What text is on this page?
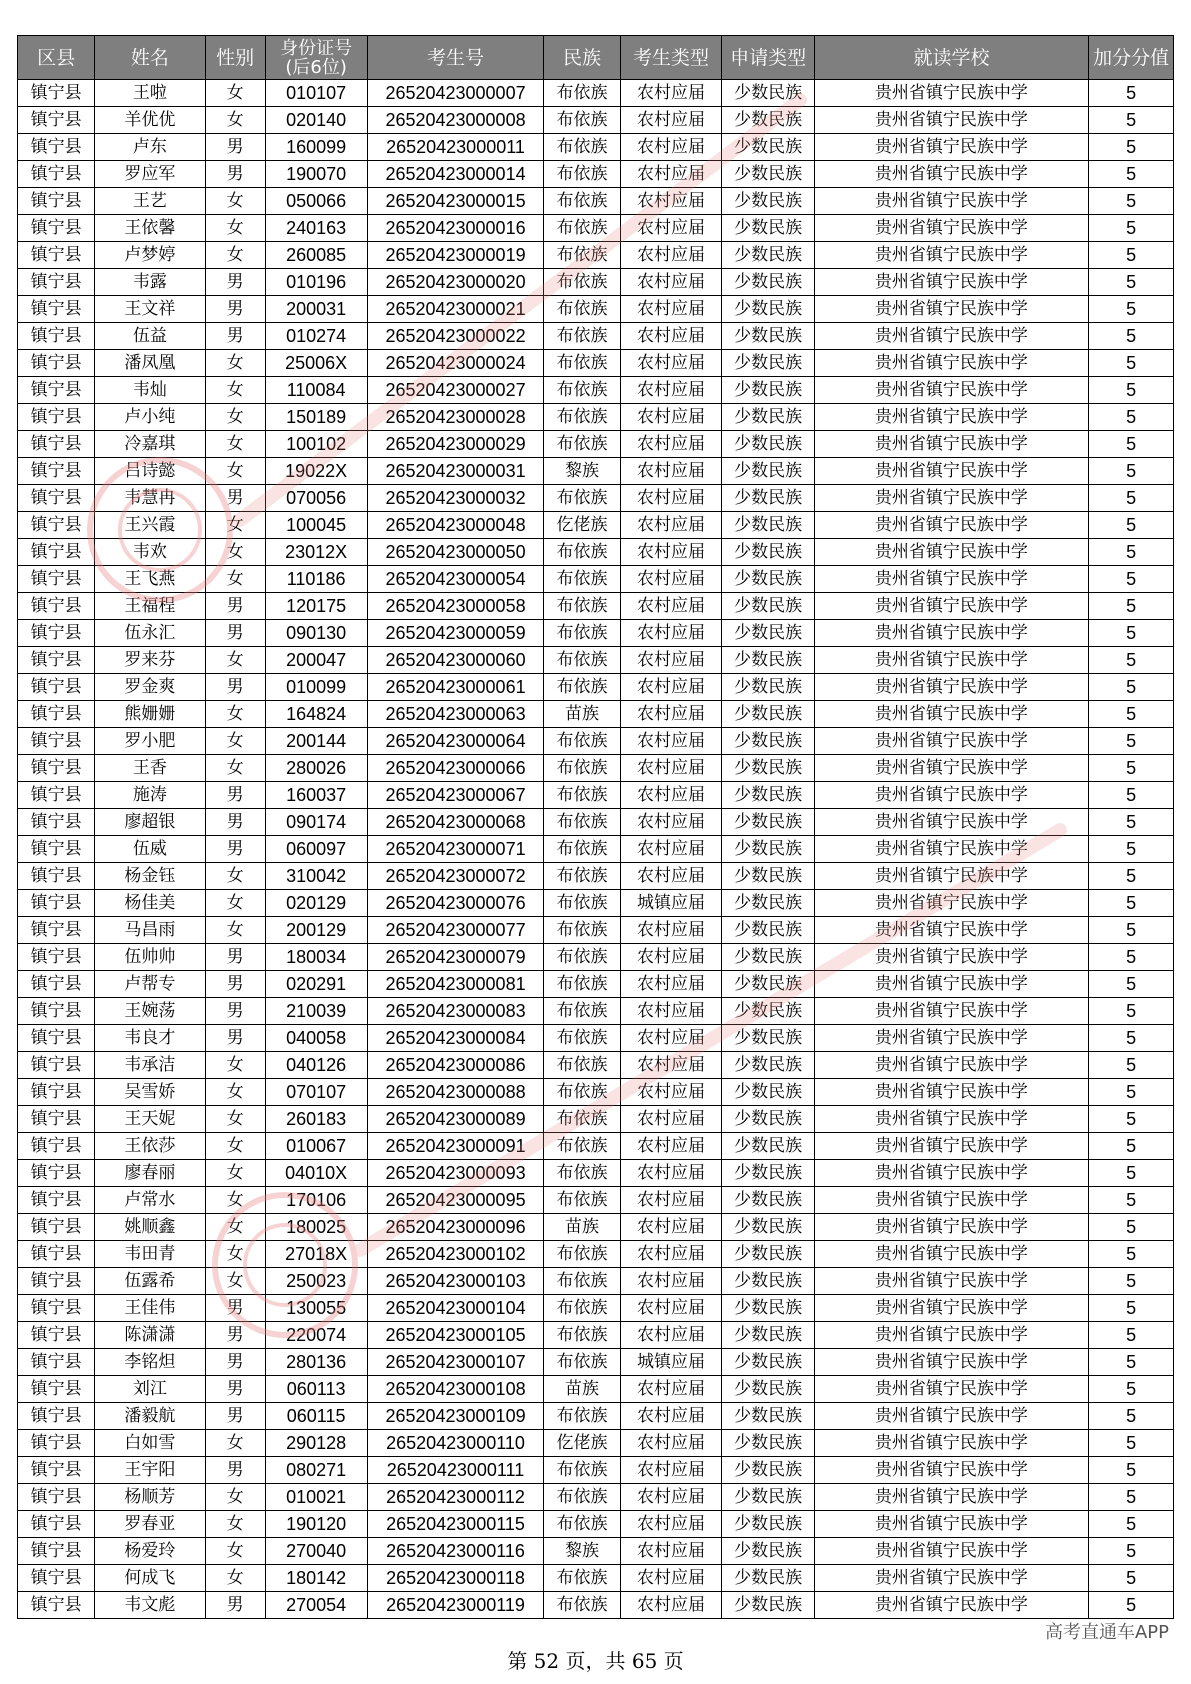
区县	姓名	性别	身份证号
(后6位)	考生号	民族	考生类型	申请类型	就读学校	加分分值
镇宁县	王啦	女	010107	26520423000007	布依族	农村应届	少数民族	贵州省镇宁民族中学	5
镇宁县	羊优优	女	020140	26520423000008	布依族	农村应届	少数民族	贵州省镇宁民族中学	5
镇宁县	卢东	男	160099	26520423000011	布依族	农村应届	少数民族	贵州省镇宁民族中学	5
镇宁县	罗应军	男	190070	26520423000014	布依族	农村应届	少数民族	贵州省镇宁民族中学	5
镇宁县	王艺	女	050066	26520423000015	布依族	农村应届	少数民族	贵州省镇宁民族中学	5
镇宁县	王依馨	女	240163	26520423000016	布依族	农村应届	少数民族	贵州省镇宁民族中学	5
镇宁县	卢梦婷	女	260085	26520423000019	布依族	农村应届	少数民族	贵州省镇宁民族中学	5
镇宁县	韦露	男	010196	26520423000020	布依族	农村应届	少数民族	贵州省镇宁民族中学	5
镇宁县	王文祥	男	200031	26520423000021	布依族	农村应届	少数民族	贵州省镇宁民族中学	5
镇宁县	伍益	男	010274	26520423000022	布依族	农村应届	少数民族	贵州省镇宁民族中学	5
镇宁县	潘凤凰	女	25006X	26520423000024	布依族	农村应届	少数民族	贵州省镇宁民族中学	5
镇宁县	韦灿	女	110084	26520423000027	布依族	农村应届	少数民族	贵州省镇宁民族中学	5
镇宁县	卢小纯	女	150189	26520423000028	布依族	农村应届	少数民族	贵州省镇宁民族中学	5
镇宁县	冷嘉琪	女	100102	26520423000029	布依族	农村应届	少数民族	贵州省镇宁民族中学	5
镇宁县	吕诗懿	女	19022X	26520423000031	黎族	农村应届	少数民族	贵州省镇宁民族中学	5
镇宁县	韦慧冉	男	070056	26520423000032	布依族	农村应届	少数民族	贵州省镇宁民族中学	5
镇宁县	王兴霞	女	100045	26520423000048	仡佬族	农村应届	少数民族	贵州省镇宁民族中学	5
镇宁县	韦欢	女	23012X	26520423000050	布依族	农村应届	少数民族	贵州省镇宁民族中学	5
镇宁县	王飞燕	女	110186	26520423000054	布依族	农村应届	少数民族	贵州省镇宁民族中学	5
镇宁县	王福程	男	120175	26520423000058	布依族	农村应届	少数民族	贵州省镇宁民族中学	5
镇宁县	伍永汇	男	090130	26520423000059	布依族	农村应届	少数民族	贵州省镇宁民族中学	5
镇宁县	罗来芬	女	200047	26520423000060	布依族	农村应届	少数民族	贵州省镇宁民族中学	5
镇宁县	罗金爽	男	010099	26520423000061	布依族	农村应届	少数民族	贵州省镇宁民族中学	5
镇宁县	熊姗姗	女	164824	26520423000063	苗族	农村应届	少数民族	贵州省镇宁民族中学	5
镇宁县	罗小肥	女	200144	26520423000064	布依族	农村应届	少数民族	贵州省镇宁民族中学	5
镇宁县	王香	女	280026	26520423000066	布依族	农村应届	少数民族	贵州省镇宁民族中学	5
镇宁县	施涛	男	160037	26520423000067	布依族	农村应届	少数民族	贵州省镇宁民族中学	5
镇宁县	廖超银	男	090174	26520423000068	布依族	农村应届	少数民族	贵州省镇宁民族中学	5
镇宁县	伍威	男	060097	26520423000071	布依族	农村应届	少数民族	贵州省镇宁民族中学	5
镇宁县	杨金钰	女	310042	26520423000072	布依族	农村应届	少数民族	贵州省镇宁民族中学	5
镇宁县	杨佳美	女	020129	26520423000076	布依族	城镇应届	少数民族	贵州省镇宁民族中学	5
镇宁县	马昌雨	女	200129	26520423000077	布依族	农村应届	少数民族	贵州省镇宁民族中学	5
镇宁县	伍帅帅	男	180034	26520423000079	布依族	农村应届	少数民族	贵州省镇宁民族中学	5
镇宁县	卢帮专	男	020291	26520423000081	布依族	农村应届	少数民族	贵州省镇宁民族中学	5
镇宁县	王婉荡	男	210039	26520423000083	布依族	农村应届	少数民族	贵州省镇宁民族中学	5
镇宁县	韦良才	男	040058	26520423000084	布依族	农村应届	少数民族	贵州省镇宁民族中学	5
镇宁县	韦承洁	女	040126	26520423000086	布依族	农村应届	少数民族	贵州省镇宁民族中学	5
镇宁县	吴雪娇	女	070107	26520423000088	布依族	农村应届	少数民族	贵州省镇宁民族中学	5
镇宁县	王天妮	女	260183	26520423000089	布依族	农村应届	少数民族	贵州省镇宁民族中学	5
镇宁县	王依莎	女	010067	26520423000091	布依族	农村应届	少数民族	贵州省镇宁民族中学	5
镇宁县	廖春丽	女	04010X	26520423000093	布依族	农村应届	少数民族	贵州省镇宁民族中学	5
镇宁县	卢常水	女	170106	26520423000095	布依族	农村应届	少数民族	贵州省镇宁民族中学	5
镇宁县	姚顺鑫	女	180025	26520423000096	苗族	农村应届	少数民族	贵州省镇宁民族中学	5
镇宁县	韦田青	女	27018X	26520423000102	布依族	农村应届	少数民族	贵州省镇宁民族中学	5
镇宁县	伍露希	女	250023	26520423000103	布依族	农村应届	少数民族	贵州省镇宁民族中学	5
镇宁县	王佳伟	男	130055	26520423000104	布依族	农村应届	少数民族	贵州省镇宁民族中学	5
镇宁县	陈潇潇	男	220074	26520423000105	布依族	农村应届	少数民族	贵州省镇宁民族中学	5
镇宁县	李铭炟	男	280136	26520423000107	布依族	城镇应届	少数民族	贵州省镇宁民族中学	5
镇宁县	刘江	男	060113	26520423000108	苗族	农村应届	少数民族	贵州省镇宁民族中学	5
镇宁县	潘毅航	男	060115	26520423000109	布依族	农村应届	少数民族	贵州省镇宁民族中学	5
镇宁县	白如雪	女	290128	26520423000110	仡佬族	农村应届	少数民族	贵州省镇宁民族中学	5
镇宁县	王宇阳	男	080271	26520423000111	布依族	农村应届	少数民族	贵州省镇宁民族中学	5
镇宁县	杨顺芳	女	010021	26520423000112	布依族	农村应届	少数民族	贵州省镇宁民族中学	5
镇宁县	罗春亚	女	190120	26520423000115	布依族	农村应届	少数民族	贵州省镇宁民族中学	5
镇宁县	杨爱玲	女	270040	26520423000116	黎族	农村应届	少数民族	贵州省镇宁民族中学	5
镇宁县	何成飞	女	180142	26520423000118	布依族	农村应届	少数民族	贵州省镇宁民族中学	5
镇宁县	韦文彪	男	270054	26520423000119	布依族	农村应届	少数民族	贵州省镇宁民族中学	5
高考直通车APP
第 52 页，共 65 页
